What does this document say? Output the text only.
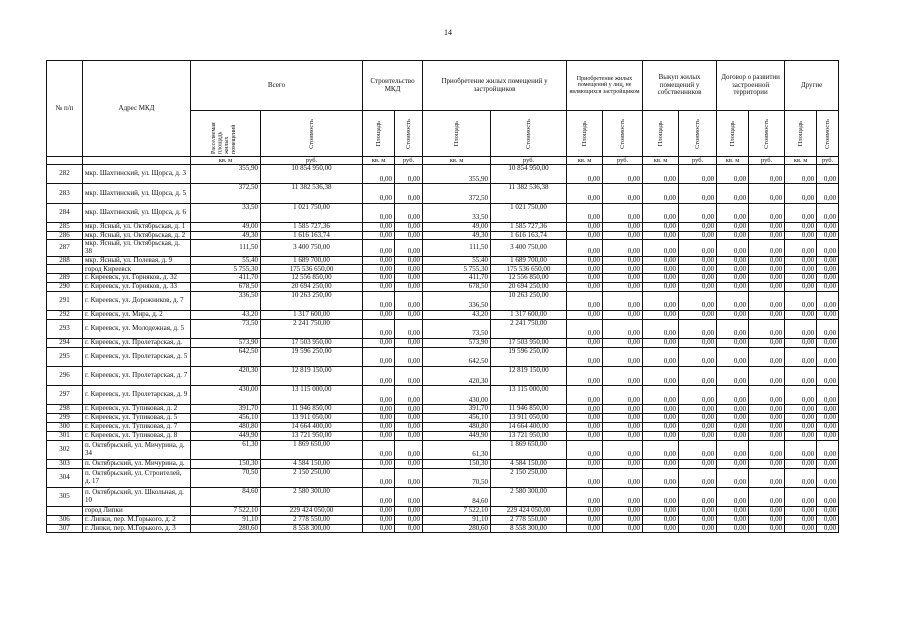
14
№ п/п	Адрес МКД	Всего		Строительство МКД		Приобретение жилых помещений у застройщиков		Приобретение жилых помещений у лиц, не являющихся застройщиком		Выкуп жилых помещений у собственников		Договор о развитии застроенной территории		Другие	

		Расселяемая площадь жилых помещений	Стоимость	Площадь	Стоимость	Площадь	Стоимость	Площадь	Стоимость	Площадь	Стоимость	Площадь	Стоимость	Площадь	Стоимость

		кв. м	руб.	кв. м	руб.	кв. м	руб.	кв. м	руб.	кв. м	руб.	кв. м	руб.	кв. м	руб.
282	мкр. Шахтинский, ул. Щорса, д. 3	355,90	10 854 950,00	0,00	0,00	355,90	10 854 950,00	0,00	0,00	0,00	0,00	0,00	0,00	0,00	0,00
283	мкр. Шахтинский, ул. Щорса, д. 5	372,50	11 382 536,38	0,00	0,00	372,50	11 382 536,38	0,00	0,00	0,00	0,00	0,00	0,00	0,00	0,00
284	мкр. Шахтинский, ул. Щорса, д. 6	33,50	1 021 750,00	0,00	0,00	33,50	1 021 750,00	0,00	0,00	0,00	0,00	0,00	0,00	0,00	0,00
285	мкр. Ясный, ул. Октябрьская, д. 1	49,00	1 585 727,36	0,00	0,00	49,00	1 585 727,36	0,00	0,00	0,00	0,00	0,00	0,00	0,00	0,00
286	мкр. Ясный, ул. Октябрьская, д. 2	49,30	1 616 163,74	0,00	0,00	49,30	1 616 163,74	0,00	0,00	0,00	0,00	0,00	0,00	0,00	0,00
287	мкр. Ясный, ул. Октябрьская, д. 38	111,50	3 400 750,00	0,00	0,00	111,50	3 400 750,00	0,00	0,00	0,00	0,00	0,00	0,00	0,00	0,00
288	мкр. Ясный, ул. Полевая, д. 9	55,40	1 689 700,00	0,00	0,00	55,40	1 689 700,00	0,00	0,00	0,00	0,00	0,00	0,00	0,00	0,00
	город Киреевск	5 755,30	175 536 650,00	0,00	0,00	5 755,30	175 536 650,00	0,00	0,00	0,00	0,00	0,00	0,00	0,00	0,00
289	г. Киреевск, ул. Горняков, д. 32	411,70	12 556 850,00	0,00	0,00	411,70	12 556 850,00	0,00	0,00	0,00	0,00	0,00	0,00	0,00	0,00
290	г. Киреевск, ул. Горняков, д. 33	678,50	20 694 250,00	0,00	0,00	678,50	20 694 250,00	0,00	0,00	0,00	0,00	0,00	0,00	0,00	0,00
291	г. Киреевск, ул. Дорожников, д. 7	336,50	10 263 250,00	0,00	0,00	336,50	10 263 250,00	0,00	0,00	0,00	0,00	0,00	0,00	0,00	0,00
292	г. Киреевск, ул. Мира, д. 2	43,20	1 317 600,00	0,00	0,00	43,20	1 317 600,00	0,00	0,00	0,00	0,00	0,00	0,00	0,00	0,00
293	г. Киреевск, ул. Молодежная, д. 5	73,50	2 241 750,00	0,00	0,00	73,50	2 241 750,00	0,00	0,00	0,00	0,00	0,00	0,00	0,00	0,00
294	г. Киреевск, ул. Пролетарская, д.	573,90	17 503 950,00	0,00	0,00	573,90	17 503 950,00	0,00	0,00	0,00	0,00	0,00	0,00	0,00	0,00
295	г. Киреевск, ул. Пролетарская, д. 5	642,50	19 596 250,00	0,00	0,00	642,50	19 596 250,00	0,00	0,00	0,00	0,00	0,00	0,00	0,00	0,00
296	г. Киреевск, ул. Пролетарская, д. 7	420,30	12 819 150,00	0,00	0,00	420,30	12 819 150,00	0,00	0,00	0,00	0,00	0,00	0,00	0,00	0,00
297	г. Киреевск, ул. Пролетарская, д. 9	430,00	13 115 000,00	0,00	0,00	430,00	13 115 000,00	0,00	0,00	0,00	0,00	0,00	0,00	0,00	0,00
298	г. Киреевск, ул. Тупиковая, д. 2	391,70	11 946 850,00	0,00	0,00	391,70	11 946 850,00	0,00	0,00	0,00	0,00	0,00	0,00	0,00	0,00
299	г. Киреевск, ул. Тупиковая, д. 5	456,10	13 911 050,00	0,00	0,00	456,10	13 911 050,00	0,00	0,00	0,00	0,00	0,00	0,00	0,00	0,00
300	г. Киреевск, ул. Тупиковая, д. 7	480,80	14 664 400,00	0,00	0,00	480,80	14 664 400,00	0,00	0,00	0,00	0,00	0,00	0,00	0,00	0,00
301	г. Киреевск, ул. Тупиковая, д. 8	449,90	13 721 950,00	0,00	0,00	449,90	13 721 950,00	0,00	0,00	0,00	0,00	0,00	0,00	0,00	0,00
302	п. Октябрьский, ул. Мичурина, д. 34	61,30	1 869 650,00	0,00	0,00	61,30	1 869 650,00	0,00	0,00	0,00	0,00	0,00	0,00	0,00	0,00
303	п. Октябрьский, ул. Мичурина, д.	150,30	4 584 150,00	0,00	0,00	150,30	4 584 150,00	0,00	0,00	0,00	0,00	0,00	0,00	0,00	0,00
304	п. Октябрьский, ул. Строителей, д. 17	70,50	2 150 250,00	0,00	0,00	70,50	2 150 250,00	0,00	0,00	0,00	0,00	0,00	0,00	0,00	0,00
305	п. Октябрьский, ул. Школьная, д. 10	84,60	2 580 300,00	0,00	0,00	84,60	2 580 300,00	0,00	0,00	0,00	0,00	0,00	0,00	0,00	0,00
	город Липки	7 522,10	229 424 050,00	0,00	0,00	7 522,10	229 424 050,00	0,00	0,00	0,00	0,00	0,00	0,00	0,00	0,00
306	г. Липки, пер. М.Горького, д. 2	91,10	2 778 550,00	0,00	0,00	91,10	2 778 550,00	0,00	0,00	0,00	0,00	0,00	0,00	0,00	0,00
307	г. Липки, пер. М.Горького, д. 3	280,60	8 558 300,00	0,00	0,00	280,60	8 558 300,00	0,00	0,00	0,00	0,00	0,00	0,00	0,00	0,00
